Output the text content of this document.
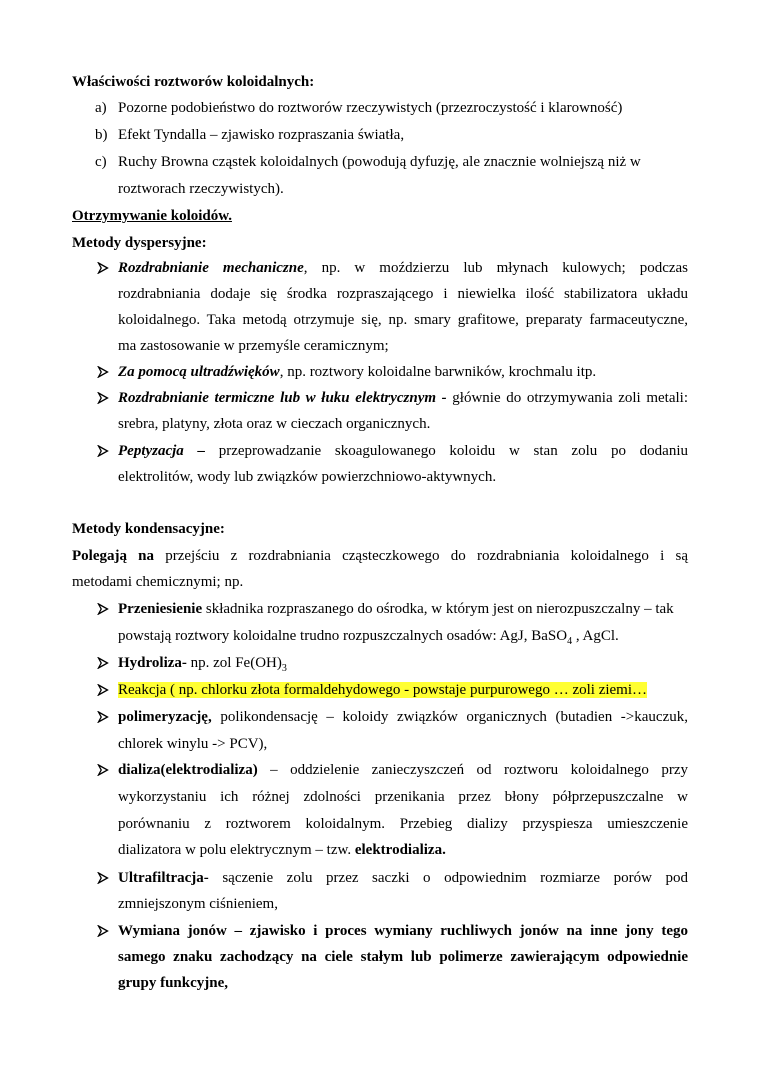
Właściwości roztworów koloidalnych:
a) Pozorne podobieństwo do roztworów rzeczywistych (przezroczystość i klarowność)
b) Efekt Tyndalla – zjawisko rozpraszania światła,
c) Ruchy Browna cząstek koloidalnych (powodują dyfuzję, ale znacznie wolniejszą niż w
roztworach rzeczywistych).
Otrzymywanie koloidów.
Metody dyspersyjne:
Rozdrabnianie mechaniczne, np. w moździerzu lub młynach kulowych; podczas
rozdrabniania dodaje się środka rozpraszającego i niewielka ilość stabilizatora układu
koloidalnego. Taka metodą otrzymuje się, np. smary grafitowe, preparaty farmaceutyczne,
ma zastosowanie w przemyśle ceramicznym;
Za pomocą ultradźwięków, np. roztwory koloidalne barwników, krochmalu itp.
Rozdrabnianie termiczne lub w łuku elektrycznym - głównie do otrzymywania zoli metali:
srebra, platyny, złota oraz w cieczach organicznych.
Peptyzacja – przeprowadzanie skoagulowanego koloidu w stan zolu po dodaniu
elektrolitów, wody lub związków powierzchniowo-aktywnych.
Metody kondensacyjne:
Polegają na przejściu z rozdrabniania cząsteczkowego do rozdrabniania koloidalnego i są
metodami chemicznymi; np.
Przeniesienie składnika rozpraszanego do ośrodka, w którym jest on nierozpuszczalny – tak
powstają roztwory koloidalne trudno rozpuszczalnych osadów: AgJ, BaSO$_4$ , AgCl.
Hydroliza- np. zol $Fe(OH)_3$
Reakcja ( np. chlorku złota formaldehydowego - powstaje purpurowego … zoli ziemi…
polimeryzację, polikondensację – koloidy związków organicznych (butadien ->kauczuk,
chlorek winylu -> PCV),
dializa(elektrodializa) – oddzielenie zanieczyszczeń od roztworu koloidalnego przy
wykorzystaniu ich różnej zdolności przenikania przez błony półprzepuszczalne w
porównaniu z roztworem koloidalnym. Przebieg dializy przyspiesza umieszczenie
dializatora w polu elektrycznym – tzw. elektrodializa.
Ultrafiltracja- sączenie zolu przez saczki o odpowiednim rozmiarze porów pod
zmniejszonym ciśnieniem,
Wymiana jonów – zjawisko i proces wymiany ruchliwych jonów na inne jony tego
samego znaku zachodzący na ciele stałym lub polimerze zawierającym odpowiednie
grupy funkcyjne,
